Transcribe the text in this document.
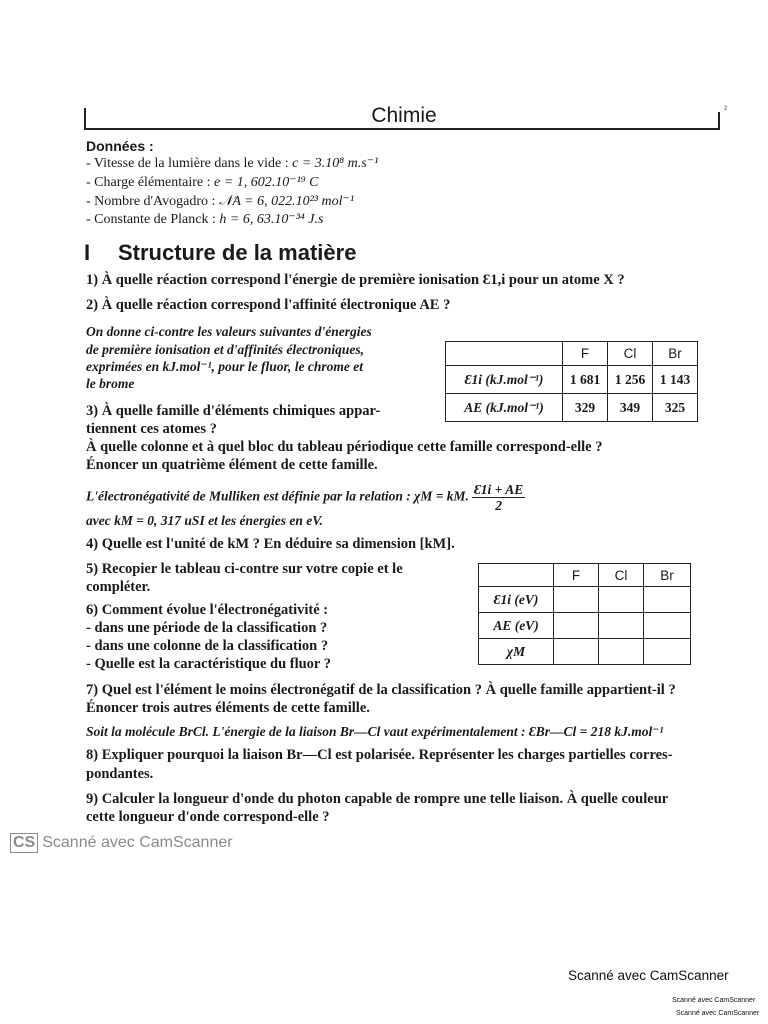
Chimie	²
Données :
- Vitesse de la lumière dans le vide : c = 3.10⁸ m.s⁻¹
- Charge élémentaire : e = 1, 602.10⁻¹⁹ C
- Nombre d'Avogadro : 𝒩A = 6, 022.10²³ mol⁻¹
- Constante de Planck : h = 6, 63.10⁻³⁴ J.s
I Structure de la matière
1) À quelle réaction correspond l'énergie de première ionisation Ɛ1,i pour un atome X ?
2) À quelle réaction correspond l'affinité électronique AE ?
On donne ci-contre les valeurs suivantes d'énergies
de première ionisation et d'affinités électroniques,
exprimées en kJ.mol⁻¹, pour le fluor, le chrome et
le brome
	F	Cl	Br
Ɛ1i (kJ.mol⁻¹)	1 681	1 256	1 143
AE (kJ.mol⁻¹)	329	349	325
3) À quelle famille d'éléments chimiques appar-
tiennent ces atomes ?
À quelle colonne et à quel bloc du tableau périodique cette famille correspond-elle ?
Énoncer un quatrième élément de cette famille.
L'électronégativité de Mulliken est définie par la relation : χM = kM. $\frac{Ɛ1i + AE}{2}$
avec kM = 0, 317 uSI et les énergies en eV.
4) Quelle est l'unité de kM ? En déduire sa dimension [kM].
5) Recopier le tableau ci-contre sur votre copie et le
compléter.
	F	Cl	Br
Ɛ1i (eV)			
AE (eV)			
χM			
6) Comment évolue l'électronégativité :
- dans une période de la classification ?
- dans une colonne de la classification ?
- Quelle est la caractéristique du fluor ?
7) Quel est l'élément le moins électronégatif de la classification ? À quelle famille appartient-il ?
Énoncer trois autres éléments de cette famille.
Soit la molécule BrCl. L'énergie de la liaison Br—Cl vaut expérimentalement : ƐBr—Cl = 218 kJ.mol⁻¹
8) Expliquer pourquoi la liaison Br—Cl est polarisée. Représenter les charges partielles corres-
pondantes.
9) Calculer la longueur d'onde du photon capable de rompre une telle liaison. À quelle couleur
cette longueur d'onde correspond-elle ?
CS Scanné avec CamScanner
Scanné avec CamScanner
Scanné avec CamScanner
Scanné avec CamScanner
